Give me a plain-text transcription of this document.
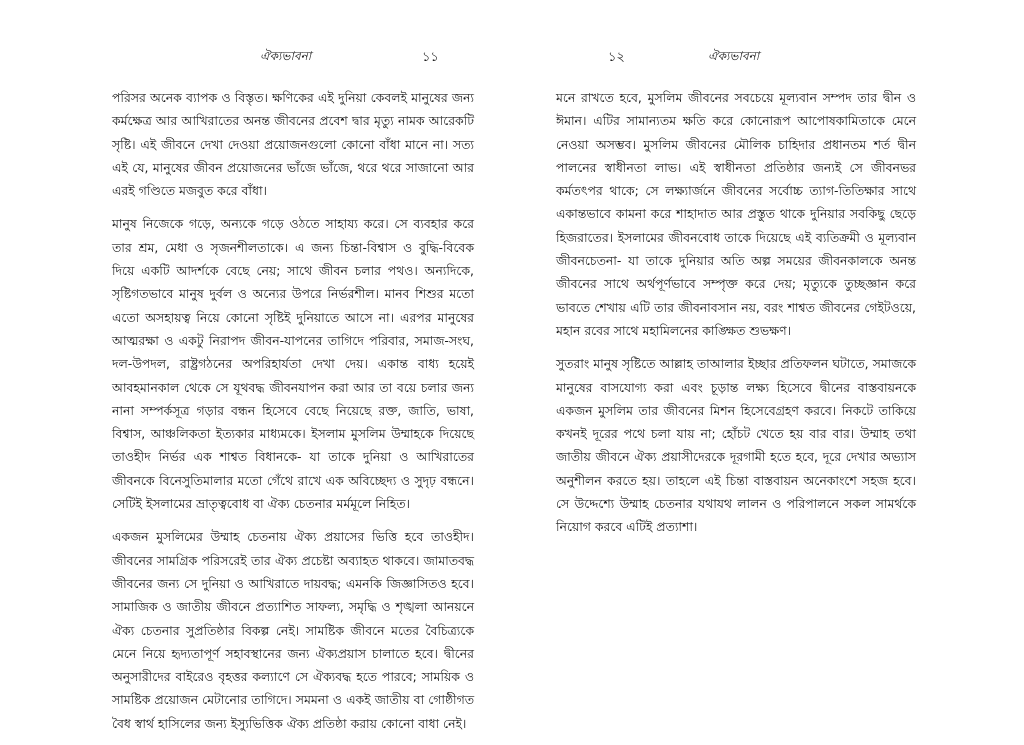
ঐক্যভাবনা	১১

পরিসর অনেক ব্যাপক ও বিস্তৃত। ক্ষণিকের এই দুনিয়া কেবলই মানুষের জন্য কর্মক্ষেত্র আর আখিরাতের অনন্ত জীবনের প্রবেশ দ্বার মৃত্যু নামক আরেকটি সৃষ্টি। এই জীবনে দেখা দেওয়া প্রয়োজনগুলো কোনো বাঁধা মানে না। সত্য এই যে, মানুষের জীবন প্রয়োজনের ভাঁজে ভাঁজে, থরে থরে সাজানো আর এরই গণ্ডিতে মজবুত করে বাঁধা।

মানুষ নিজেকে গড়ে, অন্যকে গড়ে ওঠতে সাহায্য করে। সে ব্যবহার করে তার শ্রম, মেধা ও সৃজনশীলতাকে। এ জন্য চিন্তা-বিশ্বাস ও বুদ্ধি-বিবেক দিয়ে একটি আদর্শকে বেছে নেয়; সাথে জীবন চলার পথও। অন্যদিকে, সৃষ্টিগতভাবে মানুষ দুর্বল ও অন্যের উপরে নির্ভরশীল। মানব শিশুর মতো এতো অসহায়ত্ব নিয়ে কোনো সৃষ্টিই দুনিয়াতে আসে না। এরপর মানুষের আত্মরক্ষা ও একটু নিরাপদ জীবন-যাপনের তাগিদে পরিবার, সমাজ-সংঘ, দল-উপদল, রাষ্ট্রগঠনের অপরিহার্যতা দেখা দেয়। একান্ত বাধ্য হয়েই আবহমানকাল থেকে সে যূথবদ্ধ জীবনযাপন করা আর তা বয়ে চলার জন্য নানা সম্পর্কসূত্র গড়ার বন্ধন হিসেবে বেছে নিয়েছে রক্ত, জাতি, ভাষা, বিশ্বাস, আঞ্চলিকতা ইত্যকার মাধ্যমকে। ইসলাম মুসলিম উম্মাহকে দিয়েছে তাওহীদ নির্ভর এক শাশ্বত বিধানকে- যা তাকে দুনিয়া ও আখিরাতের জীবনকে বিনেসুতিমালার মতো গেঁথে রাখে এক অবিচ্ছেদ্য ও সুদৃঢ় বন্ধনে। সেটিই ইসলামের ভ্রাতৃত্ববোধ বা ঐক্য চেতনার মর্মমূলে নিহিত।

একজন মুসলিমের উম্মাহ চেতনায় ঐক্য প্রয়াসের ভিত্তি হবে তাওহীদ। জীবনের সামগ্রিক পরিসরেই তার ঐক্য প্রচেষ্টা অব্যাহত থাকবে। জামাতবদ্ধ জীবনের জন্য সে দুনিয়া ও আখিরাতে দায়বদ্ধ; এমনকি জিজ্ঞাসিতও হবে। সামাজিক ও জাতীয় জীবনে প্রত্যাশিত সাফল্য, সমৃদ্ধি ও শৃঙ্খলা আনয়নে ঐক্য চেতনার সুপ্রতিষ্ঠার বিকল্প নেই। সামষ্টিক জীবনে মতের বৈচিত্র্যকে মেনে নিয়ে হৃদ্যতাপূর্ণ সহাবস্থানের জন্য ঐক্যপ্রয়াস চালাতে হবে। দ্বীনের অনুসারীদের বাইরেও বৃহত্তর কল্যাণে সে ঐক্যবদ্ধ হতে পারবে; সাময়িক ও সামষ্টিক প্রয়োজন মেটানোর তাগিদে। সমমনা ও একই জাতীয় বা গোষ্ঠীগত বৈধ স্বার্থ হাসিলের জন্য ইস্যুভিত্তিক ঐক্য প্রতিষ্ঠা করায় কোনো বাধা নেই।

১২	ঐক্যভাবনা

মনে রাখতে হবে, মুসলিম জীবনের সবচেয়ে মূল্যবান সম্পদ তার দ্বীন ও ঈমান। এটির সামান্যতম ক্ষতি করে কোনোরূপ আপোষকামিতাকে মেনে নেওয়া অসম্ভব। মুসলিম জীবনের মৌলিক চাহিদার প্রধানতম শর্ত দ্বীন পালনের স্বাধীনতা লাভ। এই স্বাধীনতা প্রতিষ্ঠার জন্যই সে জীবনভর কর্মতৎপর থাকে; সে লক্ষ্যার্জনে জীবনের সর্বোচ্চ ত্যাগ-তিতিক্ষার সাথে একান্তভাবে কামনা করে শাহাদাত আর প্রস্তুত থাকে দুনিয়ার সবকিছু ছেড়ে হিজরাতের। ইসলামের জীবনবোধ তাকে দিয়েছে এই ব্যতিক্রমী ও মূল্যবান জীবনচেতনা- যা তাকে দুনিয়ার অতি অল্প সময়ের জীবনকালকে অনন্ত জীবনের সাথে অর্থপূর্ণভাবে সম্পৃক্ত করে দেয়; মৃত্যুকে তুচ্ছজ্ঞান করে ভাবতে শেখায় এটি তার জীবনাবসান নয়, বরং শাশ্বত জীবনের গেইটওয়ে, মহান রবের সাথে মহামিলনের কাঙ্ক্ষিত শুভক্ষণ।

সুতরাং মানুষ সৃষ্টিতে আল্লাহ তাআলার ইচ্ছার প্রতিফলন ঘটাতে, সমাজকে মানুষের বাসযোগ্য করা এবং চূড়ান্ত লক্ষ্য হিসেবে দ্বীনের বাস্তবায়নকে একজন মুসলিম তার জীবনের মিশন হিসেবেগ্রহণ করবে। নিকটে তাকিয়ে কখনই দূরের পথে চলা যায় না; হোঁচট খেতে হয় বার বার। উম্মাহ তথা জাতীয় জীবনে ঐক্য প্রয়াসীদেরকে দূরগামী হতে হবে, দূরে দেখার অভ্যাস অনুশীলন করতে হয়। তাহলে এই চিন্তা বাস্তবায়ন অনেকাংশে সহজ হবে। সে উদ্দেশ্যে উম্মাহ চেতনার যথাযথ লালন ও পরিপালনে সকল সামর্থকে নিয়োগ করবে এটিই প্রত্যাশা।
